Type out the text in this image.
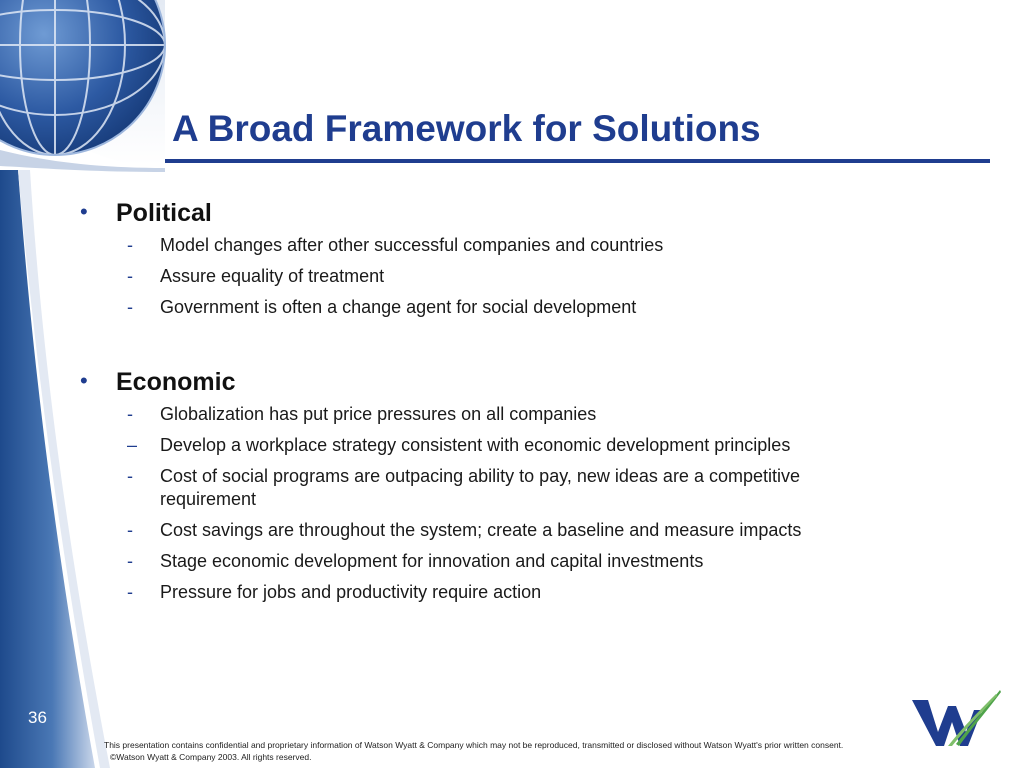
A Broad Framework for Solutions
• Political
- Model changes after other successful companies and countries
- Assure equality of treatment
- Government is often a change agent for social development
• Economic
- Globalization has put price pressures on all companies
– Develop a workplace strategy consistent with economic development principles
- Cost of social programs are outpacing ability to pay, new ideas are a competitive requirement
- Cost savings are throughout the system; create a baseline and measure impacts
- Stage economic development for innovation and capital investments
- Pressure for jobs and productivity require action
36
This presentation contains confidential and proprietary information of Watson Wyatt & Company which may not be reproduced, transmitted or disclosed without Watson Wyatt's prior written consent.
©Watson Wyatt & Company 2003. All rights reserved.
